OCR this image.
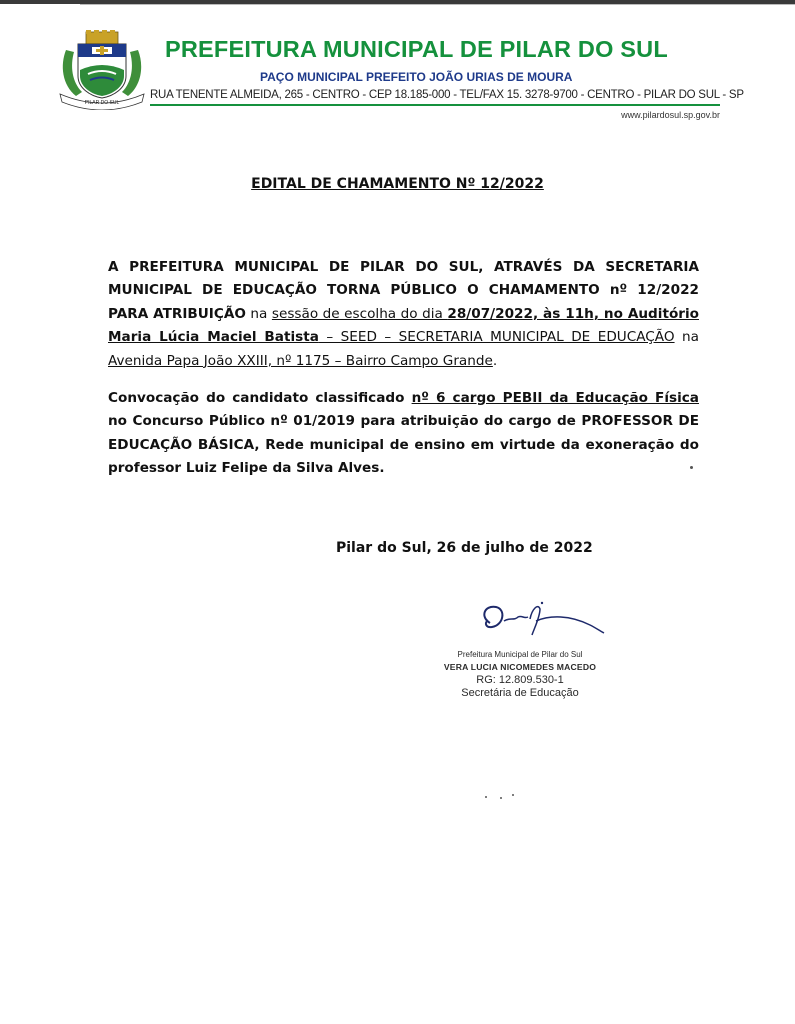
PILAR DO SUL
PREFEITURA MUNICIPAL DE PILAR DO SUL
PAÇO MUNICIPAL PREFEITO JOÃO URIAS DE MOURA
RUA TENENTE ALMEIDA, 265 - CENTRO - CEP 18.185-000 - TEL/FAX 15. 3278-9700 - CENTRO - PILAR DO SUL - SP
www.pilardosul.sp.gov.br
EDITAL DE CHAMAMENTO Nº 12/2022

A PREFEITURA MUNICIPAL DE PILAR DO SUL, ATRAVÉS DA SECRETARIA MUNICIPAL DE EDUCAÇÃO TORNA PÚBLICO O CHAMAMENTO nº 12/2022 PARA ATRIBUIÇÃO na sessão de escolha do dia 28/07/2022, às 11h, no Auditório Maria Lúcia Maciel Batista – SEED – SECRETARIA MUNICIPAL DE EDUCAÇÃO na Avenida Papa João XXIII, nº 1175 – Bairro Campo Grande.

Convocação do candidato classificado nº 6 cargo PEBII da Educação Física no Concurso Público nº 01/2019 para atribuição do cargo de PROFESSOR DE EDUCAÇÃO BÁSICA, Rede municipal de ensino em virtude da exoneração do professor Luiz Felipe da Silva Alves.

Pilar do Sul, 26 de julho de 2022
Prefeitura Municipal de Pilar do Sul
VERA LUCIA NICOMEDES MACEDO
RG: 12.809.530-1
Secretária de Educação
